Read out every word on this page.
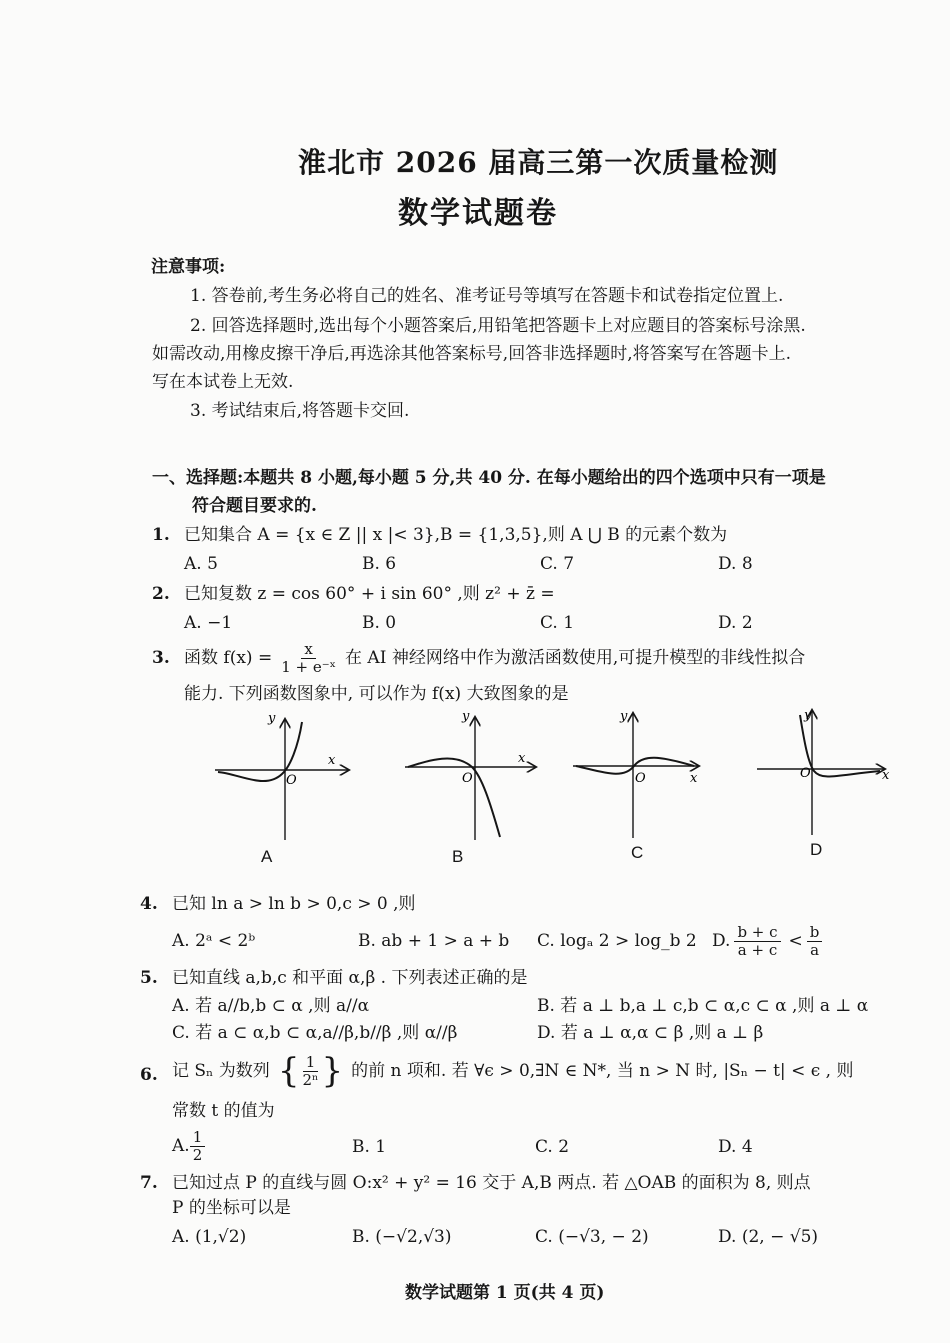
淮北市 2026 届高三第一次质量检测
数学试题卷
注意事项:
1. 答卷前,考生务必将自己的姓名、准考证号等填写在答题卡和试卷指定位置上.
2. 回答选择题时,选出每个小题答案后,用铅笔把答题卡上对应题目的答案标号涂黑.
如需改动,用橡皮擦干净后,再选涂其他答案标号,回答非选择题时,将答案写在答题卡上.
写在本试卷上无效.
3. 考试结束后,将答题卡交回.
一、选择题:本题共 8 小题,每小题 5 分,共 40 分. 在每小题给出的四个选项中只有一项是
符合题目要求的.
1. 已知集合 A = {x ∈ Z || x |< 3},B = {1,3,5},则 A ⋃ B 的元素个数为
A. 5	B. 6	C. 7	D. 8
2. 已知复数 z = cos 60° + i sin 60° ,则 z² + z̄ =
A. −1	B. 0	C. 1	D. 2
3. 函数 $f(x) = \frac{x}{\text{1 + e⁻ˣ}}$ 在 AI 神经网络中作为激活函数使用,可提升模型的非线性拟合
能力. 下列函数图象中, 可以作为 f(x) 大致图象的是
y
x
O
A
y
x
O
B
y
x
O
C
y
x
O
D
4. 已知 ln a > ln b > 0,c > 0 ,则
A. 2ᵃ < 2ᵇ	B. ab + 1 > a + b C. logₐ 2 > log_b 2 D. $\frac{b + c}{a + c} < \frac{b}{a}$
5. 已知直线 a,b,c 和平面 α,β . 下列表述正确的是
A. 若 a//b,b ⊂ α ,则 a//α	B. 若 a ⊥ b,a ⊥ c,b ⊂ α,c ⊂ α ,则 a ⊥ α
C. 若 a ⊂ α,b ⊂ α,a//β,b//β ,则 α//β	D. 若 a ⊥ α,α ⊂ β ,则 a ⊥ β
6. 记 Sₙ 为数列 { $\frac{1}{\text{2ⁿ}}$ } 的前 n 项和. 若 ∀ϵ > 0,∃N ∈ N*, 当 n > N 时, |Sₙ − t| < ϵ , 则
常数 t 的值为
A. $\frac{1}{2}$	B. 1	C. 2	D. 4
7. 已知过点 P 的直线与圆 O:x² + y² = 16 交于 A,B 两点. 若 △OAB 的面积为 8, 则点
P 的坐标可以是
A. (1,√2)	B. (−√2,√3)	C. (−√3, − 2)	D. (2, − √5)
数学试题第 1 页(共 4 页)
